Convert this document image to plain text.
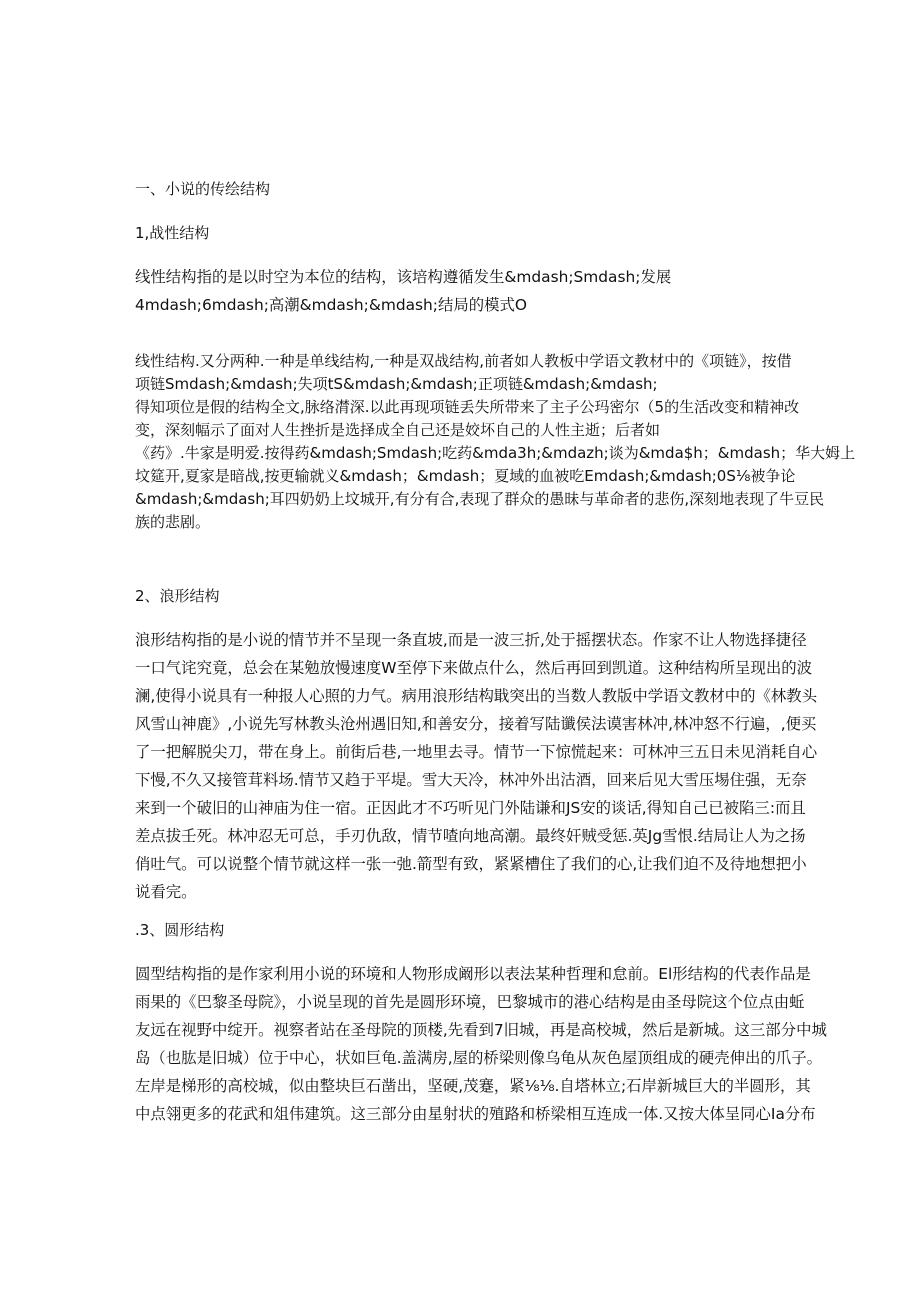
一、小说的传绘结构
1,战性结构
线性结构指的是以时空为本位的结构，该培构遵循发生&mdash;Smdash;发展
4mdash;6mdash;高潮&mdash;&mdash;结局的模式O
线性结构.又分两种.一种是单线结构,一种是双战结构,前者如人教板中学语文教材中的《项链》，按借
项链Smdash;&mdash;失项tS&mdash;&mdash;正项链&mdash;&mdash;
得知项位是假的结构全文,脉络潸深.以此再现项链丢失所带来了主子公玛密尔（5的生活改变和精神改
变，深刻幅示了面对人生挫折是选择成全自己还是姣坏自己的人性主逝；后者如
《药》.牛家是明爱.按得药&mdash;Smdash;吃药&mda3h;&mdazh;谈为&mda$h；&mdash；华大姆上
坟筵开,夏家是暗战,按更输就义&mdash；&mdash；夏域的血被吃Emdash;&mdash;0S⅛被争论
&mdash;&mdash;耳四奶奶上坟城开,有分有合,表现了群众的愚昧与革命者的悲伤,深刻地表现了牛豆民
族的悲剧。
2、浪形结构
浪形结构指的是小说的情节并不呈现一条直坡,而是一波三折,处于摇摆状态。作家不让人物选择捷径
一口气诧究竟，总会在某勉放慢速度W至停下来做点什么，然后再回到凯道。这种结构所呈现出的波
澜,使得小说具有一种报人心照的力气。病用浪形结构戢突出的当数人教版中学语文教材中的《林教头
风雪山神鹿》,小说先写林教头沧州遇旧知,和善安分，接着写陆谶侯法谟害林冲,林冲怒不行遍，,便买
了一把解脱尖刀，带在身上。前街后巷,一地里去寻。情节一下惊慌起来：可林冲三五日未见消耗自心
下慢,不久又接管茸料场.情节又趋于平堤。雪大天冷，林冲外出沽酒，回来后见大雪压埸住强，无奈
来到一个破旧的山神庙为住一宿。正因此才不巧听见门外陆谦和JS安的谈话,得知自己已被陷三:而且
差点拔壬死。林冲忍无可总，手刃仇敌，情节喳向地高潮。最终奸贼受惩.英Jg雪恨.结局让人为之扬
俏吐气。可以说整个情节就这样一张一弛.箭型有致，紧紧槽住了我们的心,让我们迫不及待地想把小
说看完。
.3、圆形结构
圆型结构指的是作家利用小说的环境和人物形成阚形以表法某种哲理和怠前。El形结构的代表作品是
雨果的《巴黎圣母院》，小说呈现的首先是圆形环境，巴黎城市的港心结构是由圣母院这个位点由蚯
友远在视野中绽开。视察者站在圣母院的顶楼,先看到7旧城，再是高校城，然后是新城。这三部分中城
岛（也肱是旧城）位于中心，状如巨龟.盖满房,屋的桥梁则像乌龟从灰色屋顶组成的硬壳伸出的爪子。
左岸是梯形的高校城，似由整块巨石凿出，坚硬,茂蹇，紧⅛⅛.自塔林立;石岸新城巨大的半圆形，其
中点翎更多的花武和俎伟建筑。这三部分由星射状的殖路和桥梁相互连成一体.又按大体呈同心Ia分布
